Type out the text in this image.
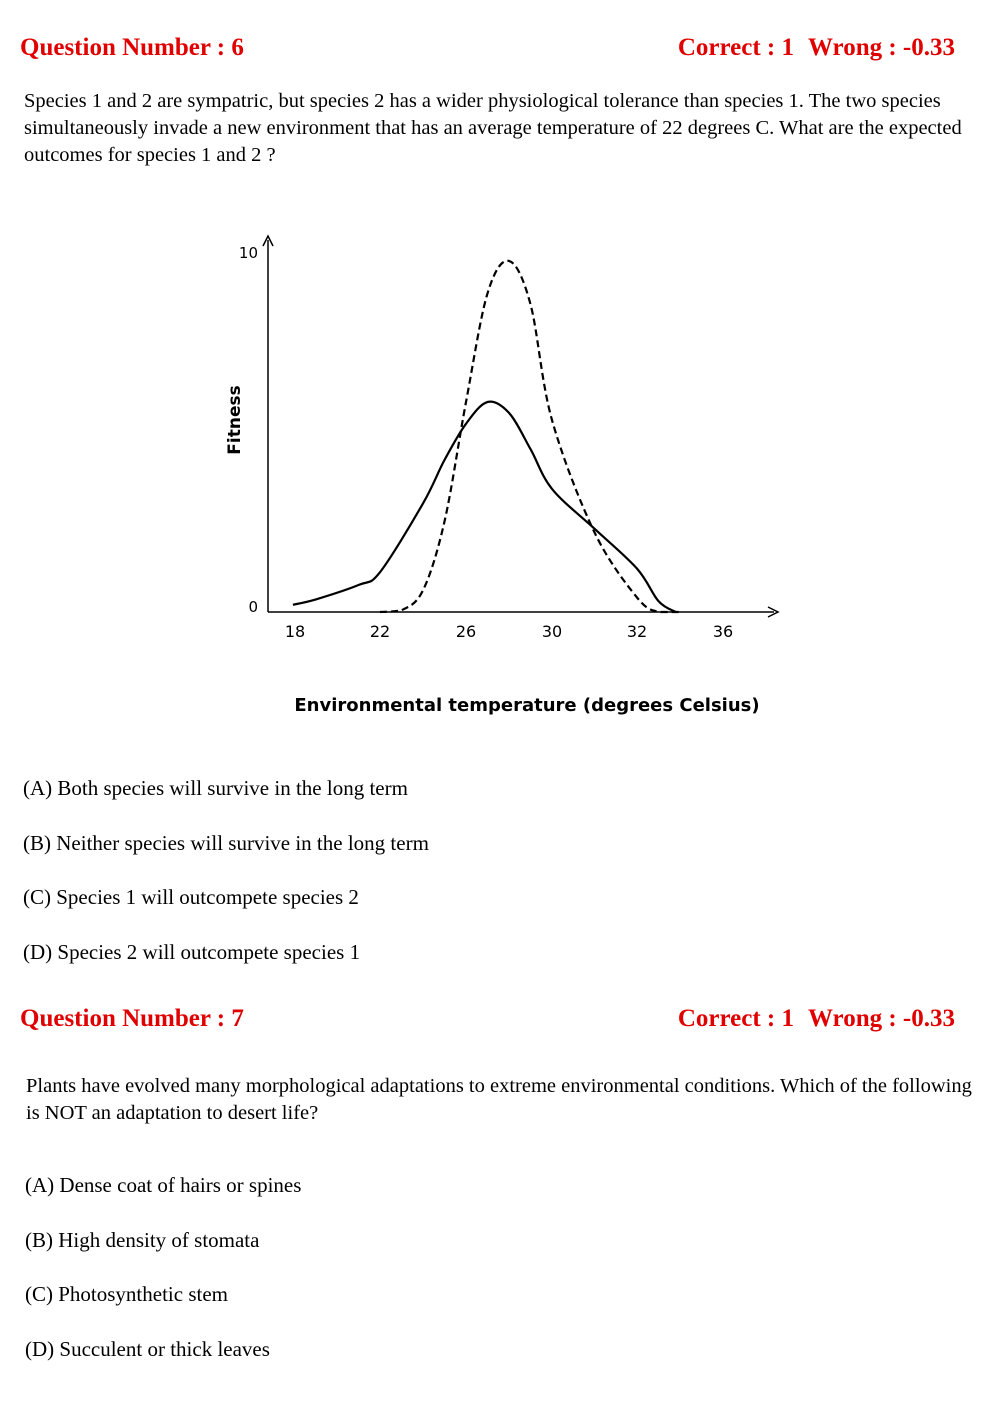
Question Number : 6	Correct : 1 Wrong : -0.33
Species 1 and 2 are sympatric, but species 2 has a wider physiological tolerance than species 1. The two species simultaneously invade a new environment that has an average temperature of 22 degrees C. What are the expected outcomes for species 1 and 2 ?
10
0
18	22	26	30	32	36
Fitness
Environmental temperature (degrees Celsius)
(A) Both species will survive in the long term
(B) Neither species will survive in the long term
(C) Species 1 will outcompete species 2
(D) Species 2 will outcompete species 1
Question Number : 7	Correct : 1 Wrong : -0.33
Plants have evolved many morphological adaptations to extreme environmental conditions. Which of the following is NOT an adaptation to desert life?
(A) Dense coat of hairs or spines
(B) High density of stomata
(C) Photosynthetic stem
(D) Succulent or thick leaves
